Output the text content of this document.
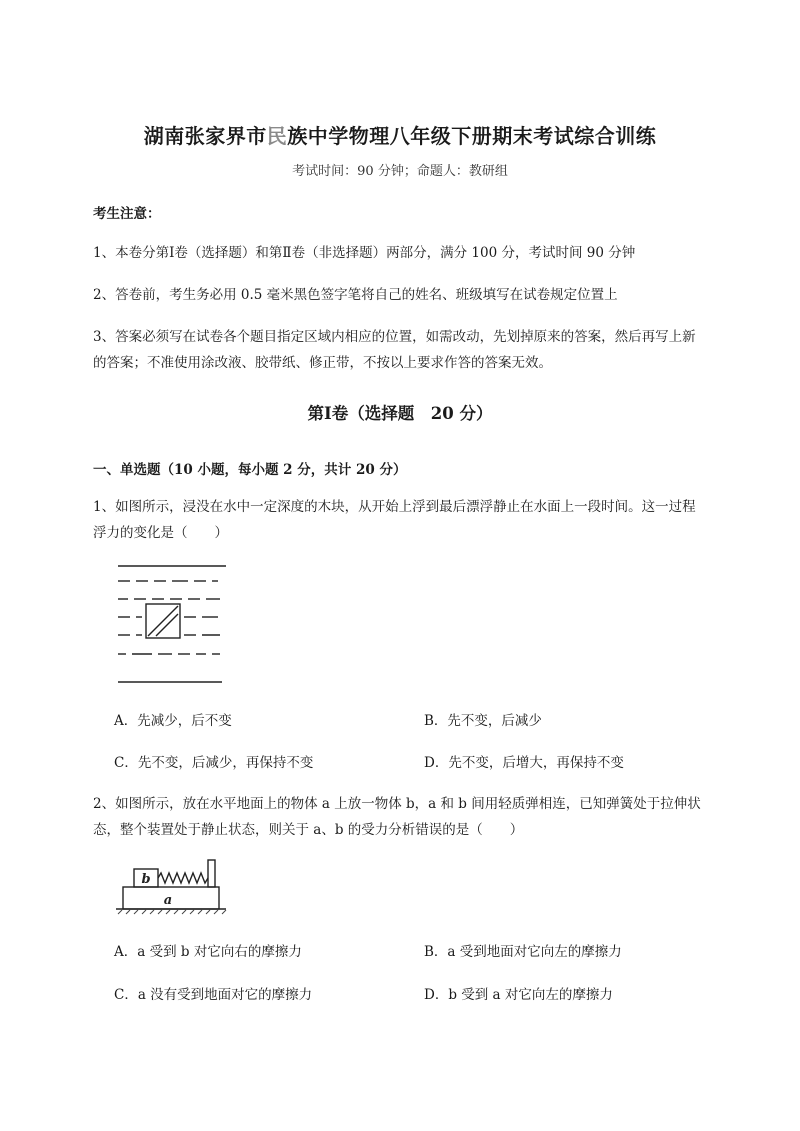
湖南张家界市民族中学物理八年级下册期末考试综合训练
考试时间：90 分钟；命题人：教研组
考生注意：
1、本卷分第Ⅰ卷（选择题）和第Ⅱ卷（非选择题）两部分，满分 100 分，考试时间 90 分钟
2、答卷前，考生务必用 0.5 毫米黑色签字笔将自己的姓名、班级填写在试卷规定位置上
3、答案必须写在试卷各个题目指定区域内相应的位置，如需改动，先划掉原来的答案，然后再写上新
的答案；不准使用涂改液、胶带纸、修正带，不按以上要求作答的答案无效。
第Ⅰ卷（选择题　20 分）
一、单选题（10 小题，每小题 2 分，共计 20 分）
1、如图所示，浸没在水中一定深度的木块，从开始上浮到最后漂浮静止在水面上一段时间。这一过程
浮力的变化是（　　）
A．先减少，后不变	B．先不变，后减少
C．先不变，后减少，再保持不变	D．先不变，后增大，再保持不变
2、如图所示，放在水平地面上的物体 a 上放一物体 b，a 和 b 间用轻质弹相连，已知弹簧处于拉伸状
态，整个装置处于静止状态，则关于 a、b 的受力分析错误的是（　　）
b
a
A．a 受到 b 对它向右的摩擦力	B．a 受到地面对它向左的摩擦力
C．a 没有受到地面对它的摩擦力	D．b 受到 a 对它向左的摩擦力
